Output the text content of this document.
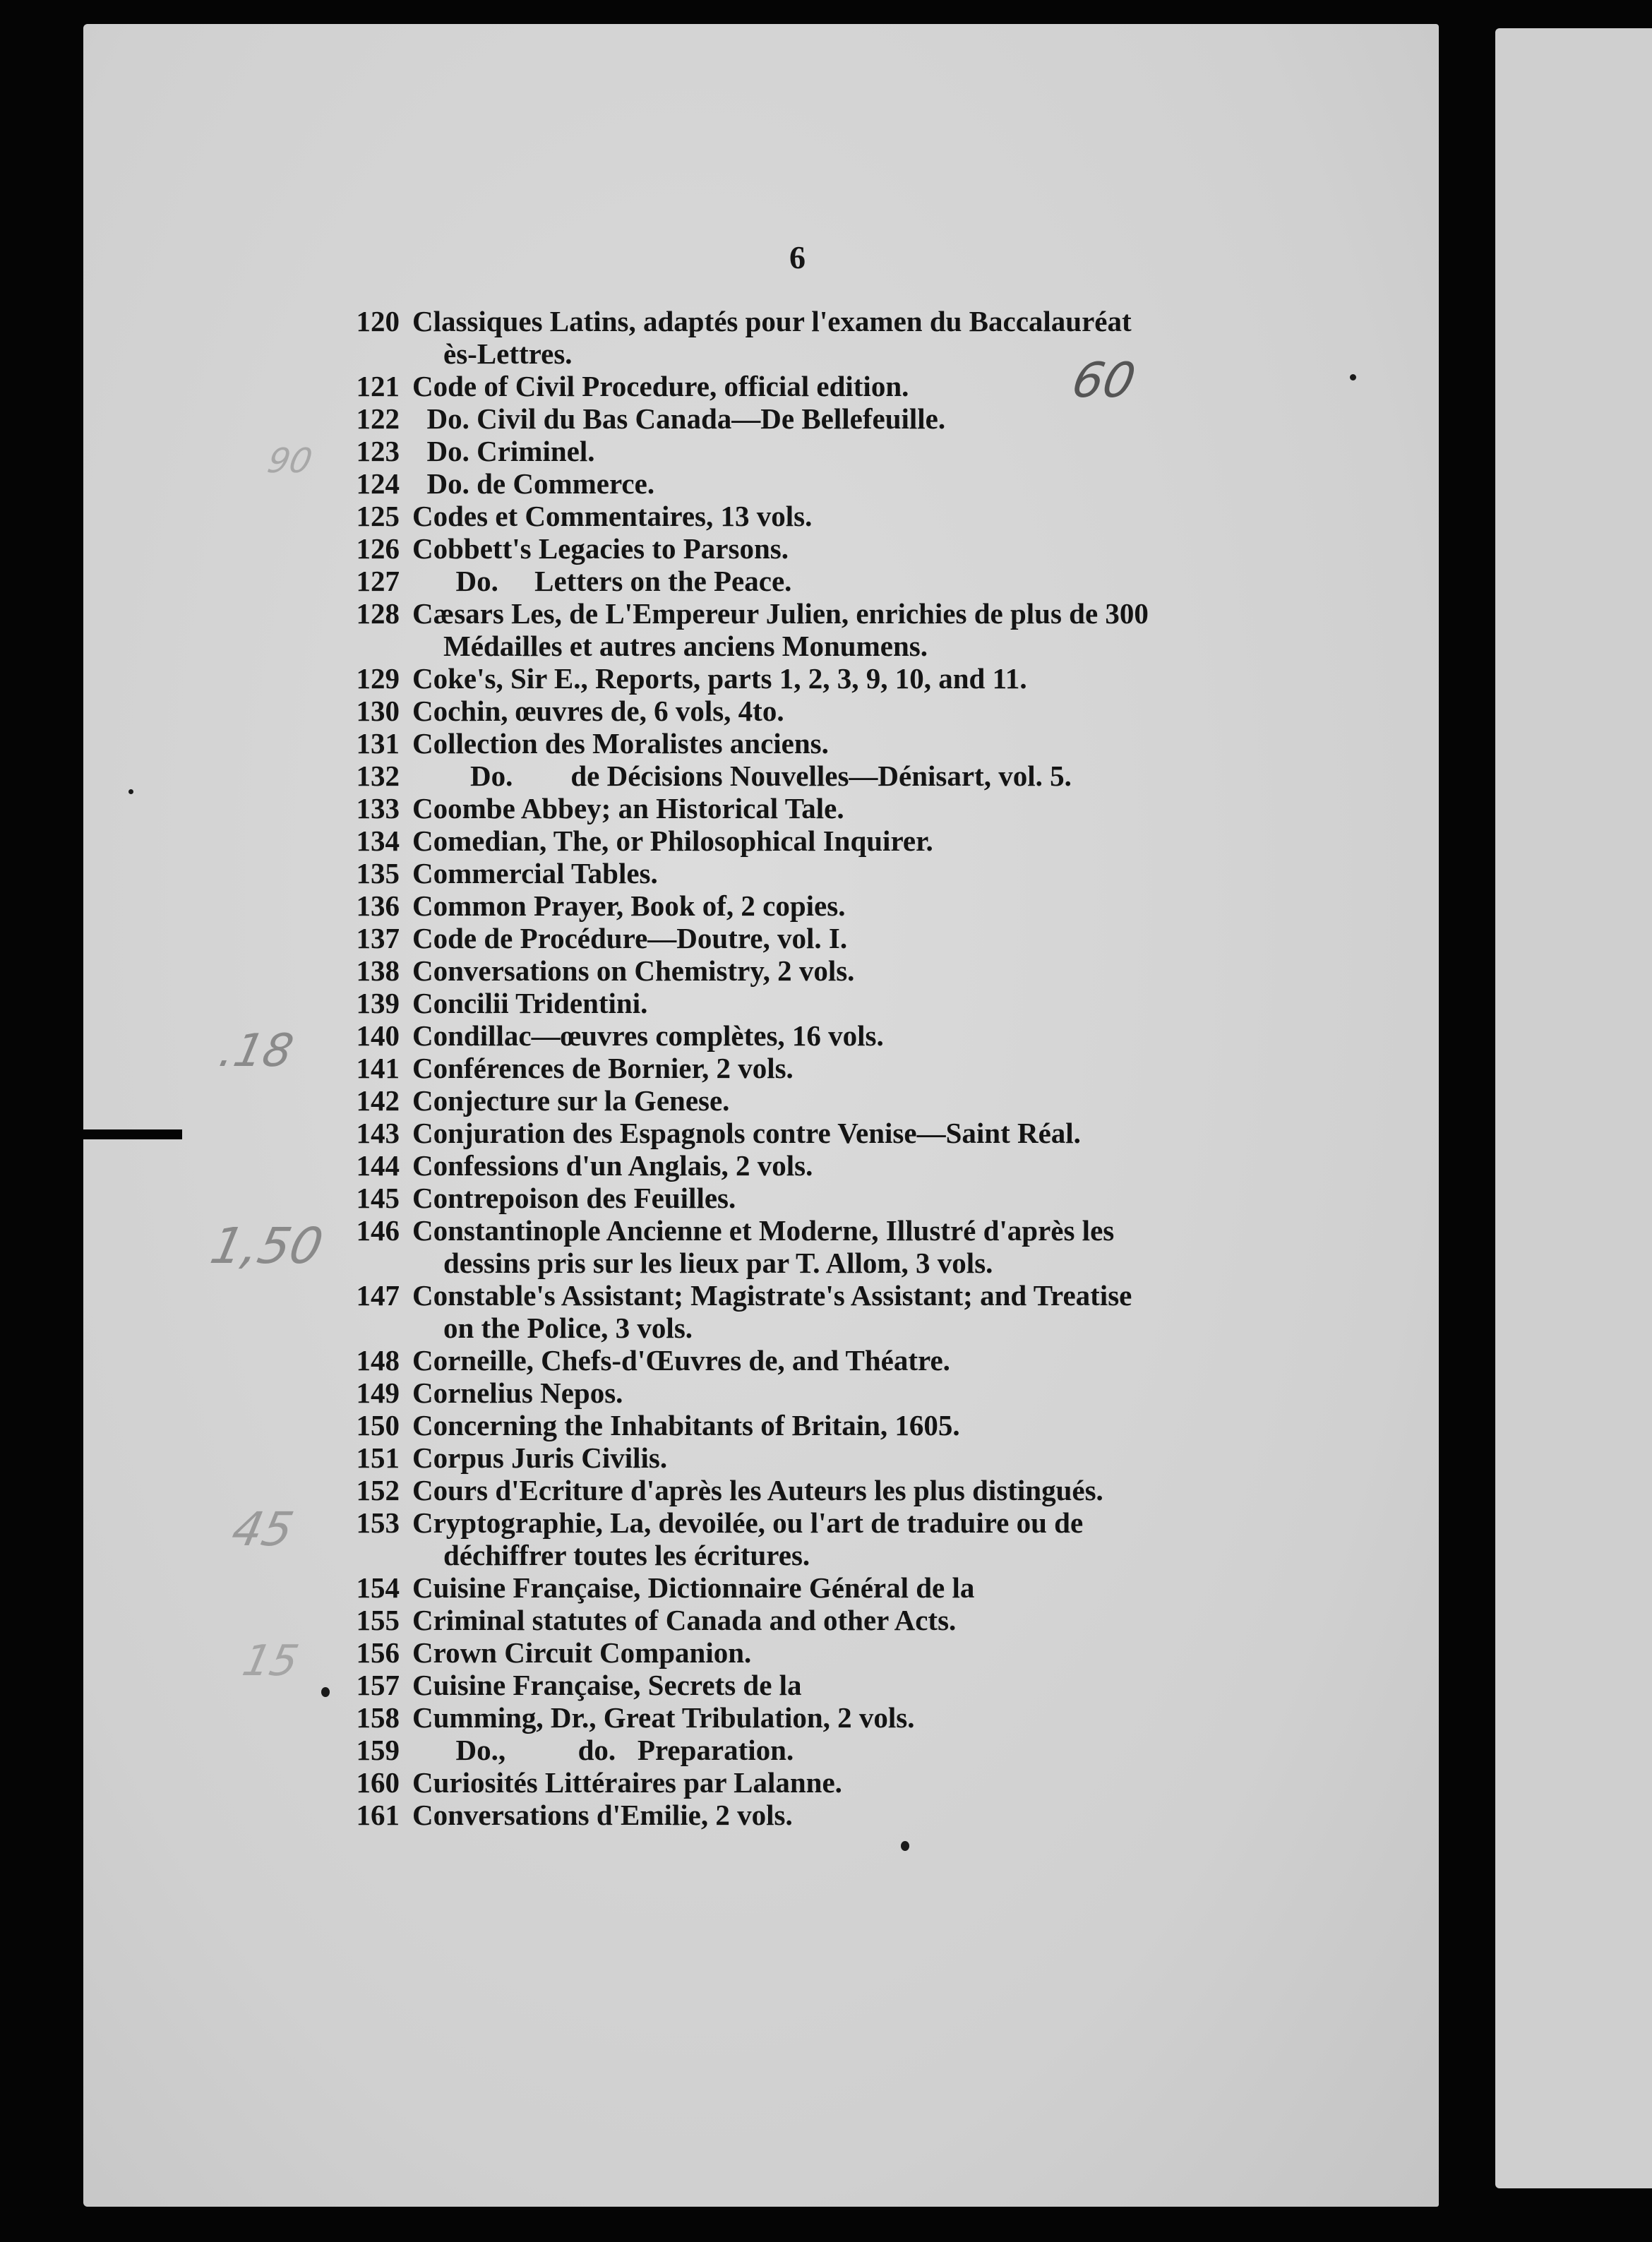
6
120 Classiques Latins, adaptés pour l'examen du Baccalauréat
ès-Lettres.
121 Code of Civil Procedure, official edition.
122 Do. Civil du Bas Canada—De Bellefeuille.
123 Do. Criminel.
124 Do. de Commerce.
125 Codes et Commentaires, 13 vols.
126 Cobbett's Legacies to Parsons.
127 Do.     Letters on the Peace.
128 Cæsars Les, de L'Empereur Julien, enrichies de plus de 300
Médailles et autres anciens Monumens.
129 Coke's, Sir E., Reports, parts 1, 2, 3, 9, 10, and 11.
130 Cochin, œuvres de, 6 vols, 4to.
131 Collection des Moralistes anciens.
132 Do.        de Décisions Nouvelles—Dénisart, vol. 5.
133 Coombe Abbey; an Historical Tale.
134 Comedian, The, or Philosophical Inquirer.
135 Commercial Tables.
136 Common Prayer, Book of, 2 copies.
137 Code de Procédure—Doutre, vol. I.
138 Conversations on Chemistry, 2 vols.
139 Concilii Tridentini.
140 Condillac—œuvres complètes, 16 vols.
141 Conférences de Bornier, 2 vols.
142 Conjecture sur la Genese.
143 Conjuration des Espagnols contre Venise—Saint Réal.
144 Confessions d'un Anglais, 2 vols.
145 Contrepoison des Feuilles.
146 Constantinople Ancienne et Moderne, Illustré d'après les
dessins pris sur les lieux par T. Allom, 3 vols.
147 Constable's Assistant; Magistrate's Assistant; and Treatise
on the Police, 3 vols.
148 Corneille, Chefs-d'Œuvres de, and Théatre.
149 Cornelius Nepos.
150 Concerning the Inhabitants of Britain, 1605.
151 Corpus Juris Civilis.
152 Cours d'Ecriture d'après les Auteurs les plus distingués.
153 Cryptographie, La, devoilée, ou l'art de traduire ou de
déchiffrer toutes les écritures.
154 Cuisine Française, Dictionnaire Général de la
155 Criminal statutes of Canada and other Acts.
156 Crown Circuit Companion.
157 Cuisine Française, Secrets de la
158 Cumming, Dr., Great Tribulation, 2 vols.
159 Do.,          do.   Preparation.
160 Curiosités Littéraires par Lalanne.
161 Conversations d'Emilie, 2 vols.
60
90
.18
1,50
45
15
